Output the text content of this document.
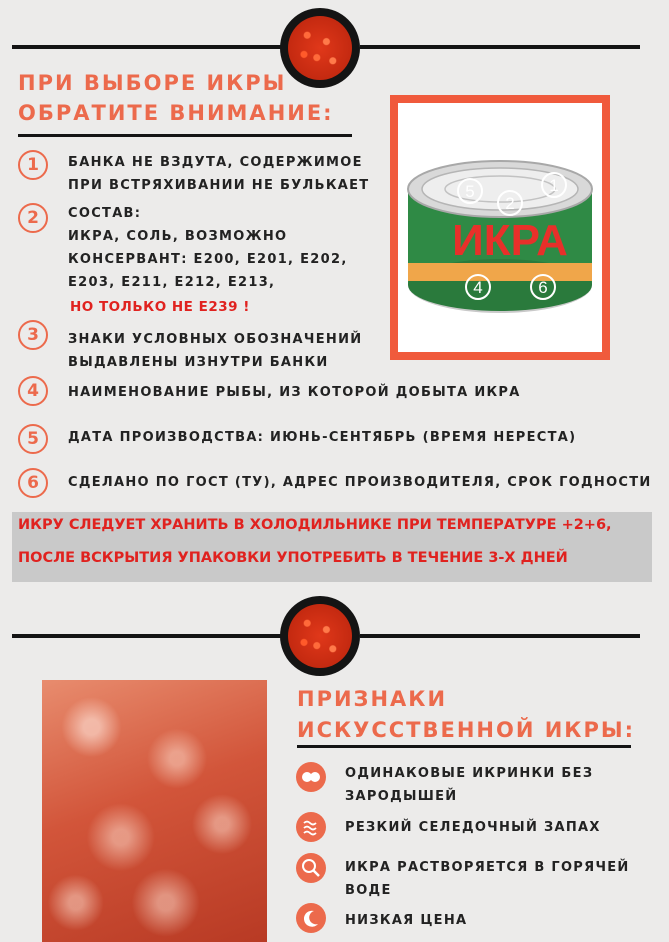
ПРИ ВЫБОРЕ ИКРЫ
ОБРАТИТЕ ВНИМАНИЕ:
1	БАНКА НЕ ВЗДУТА, СОДЕРЖИМОЕ
ПРИ ВСТРЯХИВАНИИ НЕ БУЛЬКАЕТ
2	СОСТАВ:
ИКРА, СОЛЬ, ВОЗМОЖНО
КОНСЕРВАНТ: Е200, Е201, Е202,
Е203, Е211, Е212, Е213,
НО ТОЛЬКО НЕ Е239 !
3	ЗНАКИ УСЛОВНЫХ ОБОЗНАЧЕНИЙ
ВЫДАВЛЕНЫ ИЗНУТРИ БАНКИ
4	НАИМЕНОВАНИЕ РЫБЫ, ИЗ КОТОРОЙ ДОБЫТА ИКРА
5	ДАТА ПРОИЗВОДСТВА: ИЮНЬ-СЕНТЯБРЬ (ВРЕМЯ НЕРЕСТА)
6	СДЕЛАНО ПО ГОСТ (ТУ), АДРЕС ПРОИЗВОДИТЕЛЯ, СРОК ГОДНОСТИ
ИКРА
5
2
1
4	6
ИКРУ СЛЕДУЕТ ХРАНИТЬ В ХОЛОДИЛЬНИКЕ ПРИ ТЕМПЕРАТУРЕ +2+6,
ПОСЛЕ ВСКРЫТИЯ УПАКОВКИ УПОТРЕБИТЬ В ТЕЧЕНИЕ 3-Х ДНЕЙ
ПРИЗНАКИ
ИСКУССТВЕННОЙ ИКРЫ:
ОДИНАКОВЫЕ ИКРИНКИ БЕЗ
ЗАРОДЫШЕЙ
РЕЗКИЙ СЕЛЕДОЧНЫЙ ЗАПАХ
ИКРА РАСТВОРЯЕТСЯ В ГОРЯЧЕЙ
ВОДЕ
НИЗКАЯ ЦЕНА
